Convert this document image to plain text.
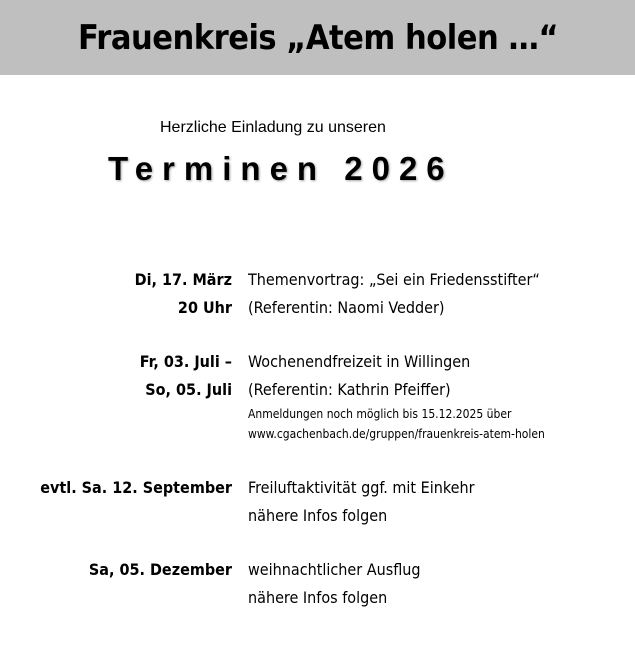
Frauenkreis „Atem holen …“
Herzliche Einladung zu unseren
Terminen 2026
Di, 17. März
20 Uhr
Themenvortrag: „Sei ein Friedensstifter“
(Referentin: Naomi Vedder)
Fr, 03. Juli –
So, 05. Juli
Wochenendfreizeit in Willingen
(Referentin: Kathrin Pfeiffer)
Anmeldungen noch möglich bis 15.12.2025 über
www.cgachenbach.de/gruppen/frauenkreis-atem-holen
evtl. Sa. 12. September Freiluftaktivität ggf. mit Einkehr
nähere Infos folgen
Sa, 05. Dezember weihnachtlicher Ausflug
nähere Infos folgen
